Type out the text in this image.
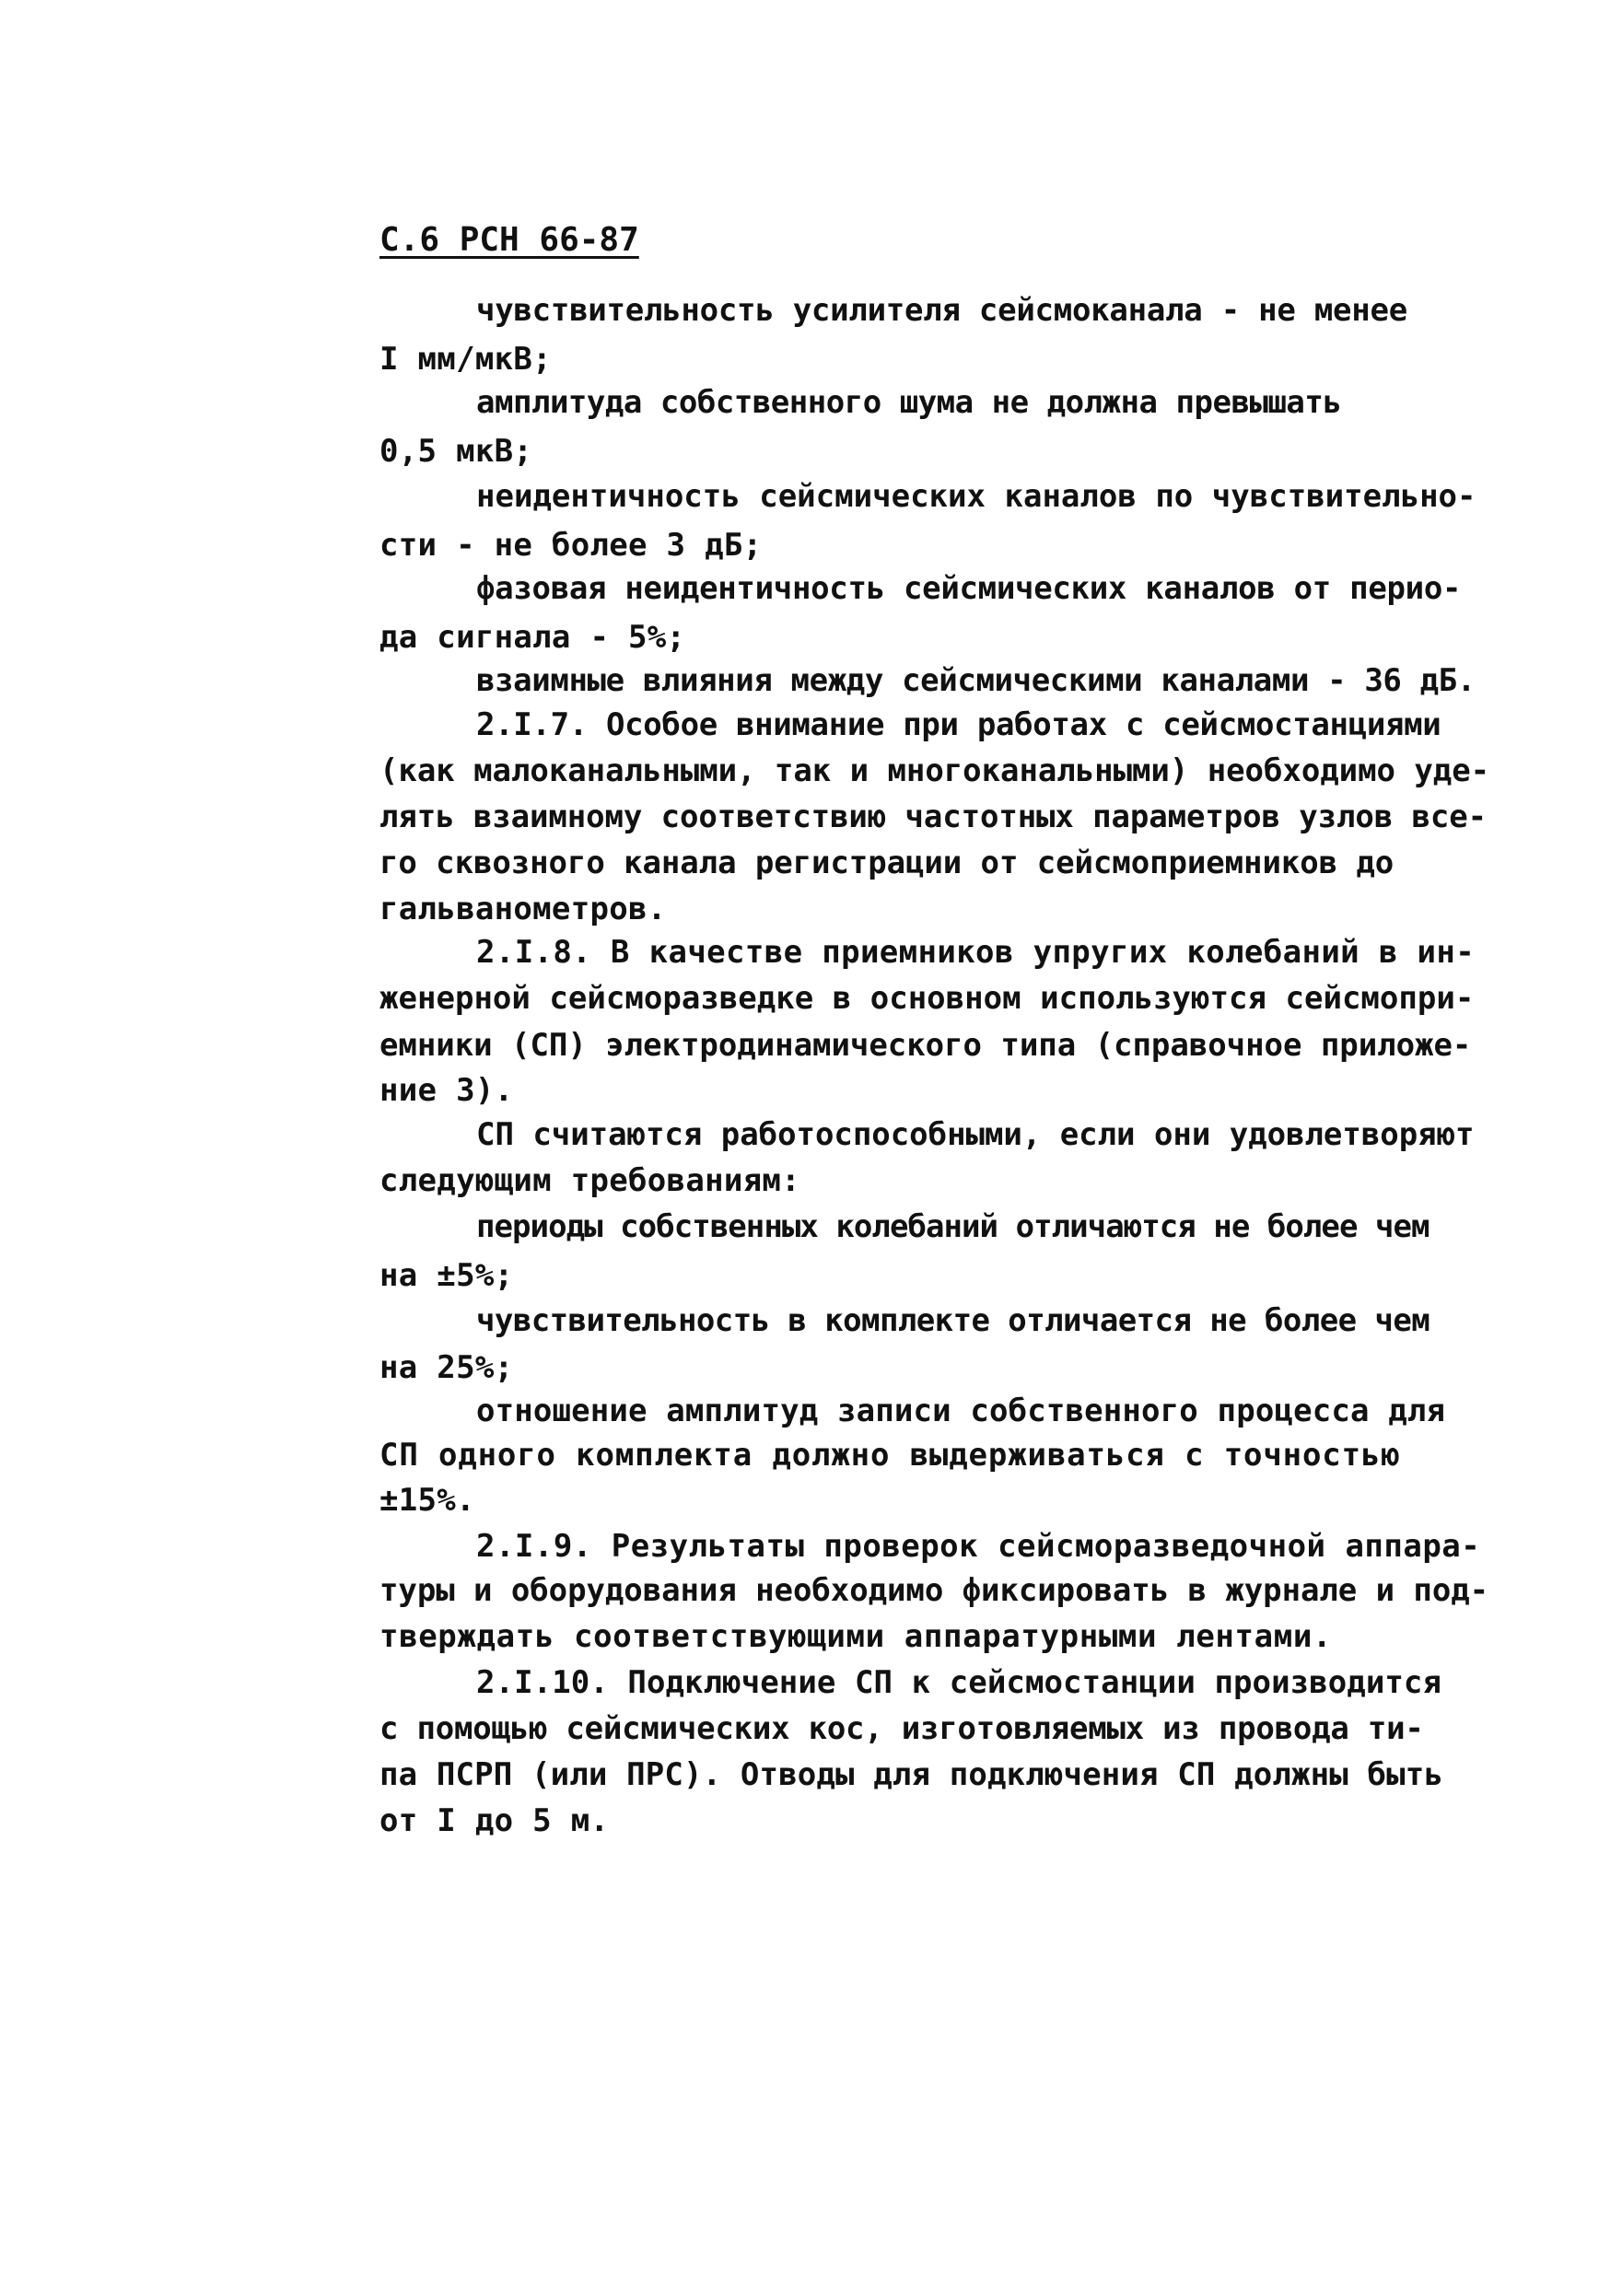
С.6 РСН 66-87
чувствительность усилителя сейсмоканала - не менее
I мм/мкВ;
амплитуда собственного шума не должна превышать
0,5 мкВ;
неидентичность сейсмических каналов по чувствительно-
сти - не более 3 дБ;
фазовая неидентичность сейсмических каналов от перио-
да сигнала - 5%;
взаимные влияния между сейсмическими каналами - 36 дБ.
2.I.7. Особое внимание при работах с сейсмостанциями
(как малоканальными, так и многоканальными) необходимо уде-
лять взаимному соответствию частотных параметров узлов все-
го сквозного канала регистрации от сейсмоприемников до
гальванометров.
2.I.8. В качестве приемников упругих колебаний в ин-
женерной сейсморазведке в основном используются сейсмопри-
емники (СП) электродинамического типа (справочное приложе-
ние 3).
СП считаются работоспособными, если они удовлетворяют
следующим требованиям:
периоды собственных колебаний отличаются не более чем
на ±5%;
чувствительность в комплекте отличается не более чем
на 25%;
отношение амплитуд записи собственного процесса для
СП одного комплекта должно выдерживаться с точностью
±15%.
2.I.9. Результаты проверок сейсморазведочной аппара-
туры и оборудования необходимо фиксировать в журнале и под-
тверждать соответствующими аппаратурными лентами.
2.I.10. Подключение СП к сейсмостанции производится
с помощью сейсмических кос, изготовляемых из провода ти-
па ПСРП (или ПРС). Отводы для подключения СП должны быть
от I до 5 м.
